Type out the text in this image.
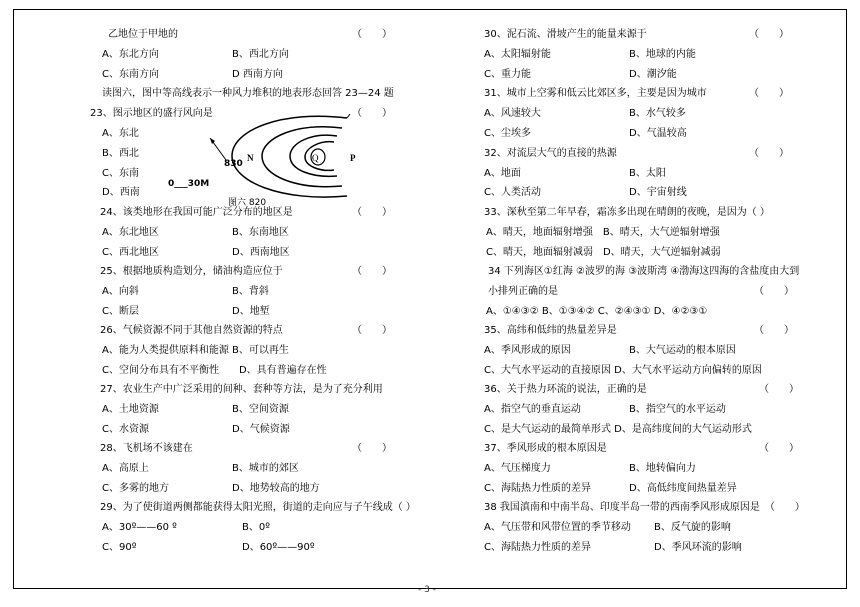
乙地位于甲地的	（　　）
A、东北方向	B、西北方向
C、东南方向	D 西南方向
读图六，图中等高线表示一种风力堆积的地表形态回答 23—24 题
23、图示地区的盛行风向是	（　　）
A、东北
B、西北
C、东南
D、西南
24、该类地形在我国可能广泛分布的地区是	（　　）
A、东北地区	B、东南地区
C、西北地区	D、西南地区
25、根据地质构造划分，储油构造应位于	（　　）
A、向斜	B、背斜
C、断层	D、地堑
26、气候资源不同于其他自然资源的特点	（　　）
A、能为人类提供原料和能源 B、可以再生
C、空间分布具有不平衡性　　D、具有普遍存在性
27、农业生产中广泛采用的间种、套种等方法，是为了充分利用
A、土地资源	B、空间资源
C、水资源	D、气候资源
28、飞机场不该建在	（　　）
A、高原上	B、城市的郊区
C、多雾的地方	D、地势较高的地方
29、为了使街道两侧都能获得太阳光照，街道的走向应与子午线成（ ）
A、30º——60 º	B、0º
C、90º	D、60º——90º
30、泥石流、滑坡产生的能量来源于	（　　）
A、太阳辐射能	B、地球的内能
C、重力能	D、潮汐能
31、城市上空雾和低云比郊区多，主要是因为城市	（　　）
A、风速较大	B、水气较多
C、尘埃多	D、气温较高
32、对流层大气的直接的热源	（　　）
A、地面	B、太阳
C、人类活动	D、宇宙射线
33、深秋至第二年早春，霜冻多出现在晴朗的夜晚，是因为（ ）
A、晴天，地面辐射增强　B、晴天，大气逆辐射增强
C、晴天，地面辐射减弱　D、晴天，大气逆辐射减弱
34 下列海区①红海 ②波罗的海 ③波斯湾 ④渤海这四海的含盐度由大到
小排列正确的是	（　　）
A、①④③② B、①③④② C、②④③① D、④②③①
35、高纬和低纬的热量差异是	（　　）
A、季风形成的原因	B、大气运动的根本原因
C、大气水平运动的直接原因 D、大气水平运动方向偏转的原因
36、关于热力环流的说法，正确的是	（　　）
A、指空气的垂直运动	B、指空气的水平运动
C、是大气运动的最简单形式 D、是高纬度间的大气运动形式
37、季风形成的根本原因是	（　　）
A、气压梯度力	B、地转偏向力
C、海陆热力性质的差异	D、高低纬度间热量差异
38 我国滇南和中南半岛、印度半岛一带的西南季风形成原因是　（　　）
A、气压带和风带位置的季节移动 B、反气旋的影响
C、海陆热力性质的差异	D、季风环流的影响
N	Q	P
830
0___30M
图六 820
- 3 -
